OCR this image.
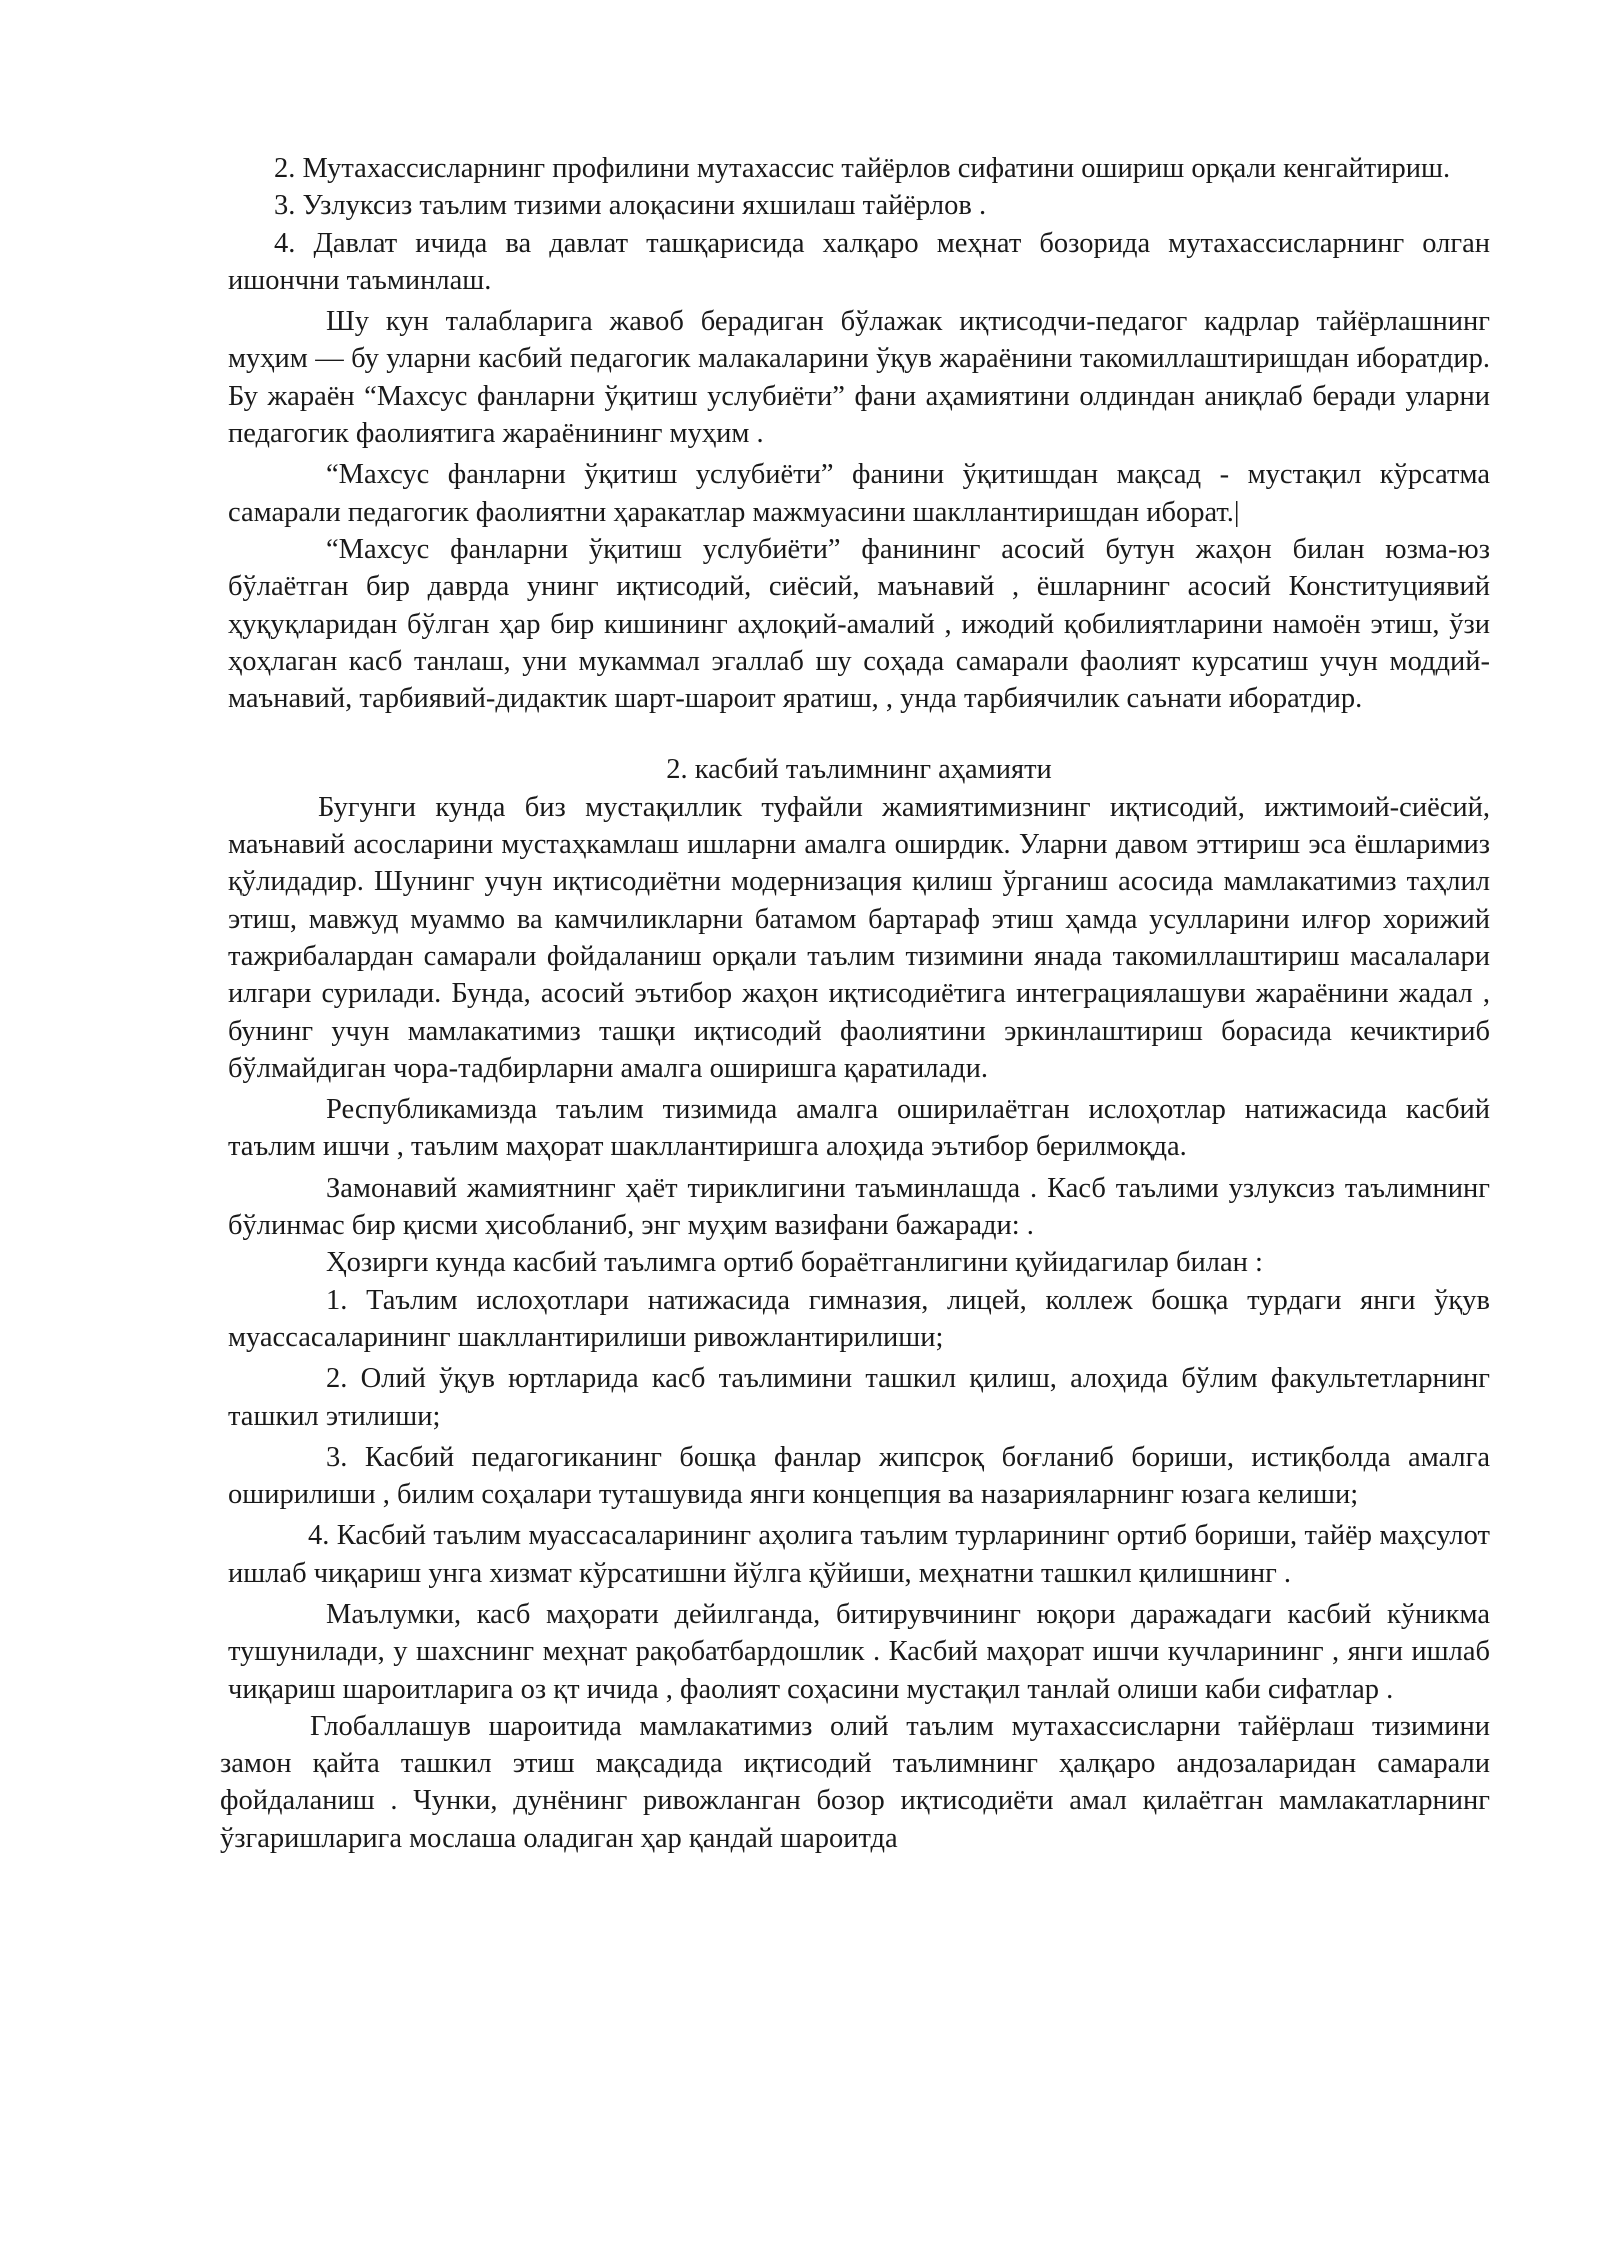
2. Мутахассисларнинг профилини мутахассис тайёрлов сифатини ошириш орқали кенгайтириш.

3. Узлуксиз таълим тизими алоқасини яхшилаш тайёрлов .

4. Давлат ичида ва давлат ташқарисида халқаро меҳнат бозорида мутахассисларнинг олган ишончни таъминлаш.

Шу кун талабларига жавоб берадиган бўлажак иқтисодчи-педагог кадрлар тайёрлашнинг муҳим — бу уларни касбий педагогик малакаларини ўқув жараёнини такомиллаштиришдан иборатдир. Бу жараён “Махсус фанларни ўқитиш услубиёти” фани аҳамиятини олдиндан аниқлаб беради уларни педагогик фаолиятига жараёнининг муҳим .

“Махсус фанларни ўқитиш услубиёти” фанини ўқитишдан мақсад - мустақил кўрсатма самарали педагогик фаолиятни ҳаракатлар мажмуасини шакллантиришдан иборат.|

“Махсус фанларни ўқитиш услубиёти” фанининг асосий бутун жаҳон билан юзма-юз бўлаётган бир даврда унинг иқтисодий, сиёсий, маънавий , ёшларнинг асосий Конституциявий ҳуқуқларидан бўлган ҳар бир кишининг аҳлоқий-амалий , ижодий қобилиятларини намоён этиш, ўзи ҳоҳлаган касб танлаш, уни мукаммал эгаллаб шу соҳада самарали фаолият курсатиш учун моддий- маънавий, тарбиявий-дидактик шарт-шароит яратиш, , унда тарбиячилик саънати иборатдир.

2. касбий таълимнинг аҳамияти

Бугунги кунда биз мустақиллик туфайли жамиятимизнинг иқтисодий, ижтимоий-сиёсий, маънавий асосларини мустаҳкамлаш ишларни амалга оширдик. Уларни давом эттириш эса ёшларимиз қўлидадир. Шунинг учун иқтисодиётни модернизация қилиш ўрганиш асосида мамлакатимиз таҳлил этиш, мавжуд муаммо ва камчиликларни батамом бартараф этиш ҳамда усулларини илғор хорижий тажрибалардан самарали фойдаланиш орқали таълим тизимини янада такомиллаштириш масалалари илгари сурилади. Бунда, асосий эътибор жаҳон иқтисодиётига интеграциялашуви жараёнини жадал , бунинг учун мамлакатимиз ташқи иқтисодий фаолиятини эркинлаштириш борасида кечиктириб бўлмайдиган чора-тадбирларни амалга оширишга қаратилади.

Республикамизда таълим тизимида амалга оширилаётган ислоҳотлар натижасида касбий таълим ишчи , таълим маҳорат шакллантиришга алоҳида эътибор берилмоқда.

Замонавий жамиятнинг ҳаёт тириклигини таъминлашда . Касб таълими узлуксиз таълимнинг бўлинмас бир қисми ҳисобланиб, энг муҳим вазифани бажаради: .

Ҳозирги кунда касбий таълимга ортиб бораётганлигини қуйидагилар билан :

1. Таълим ислоҳотлари натижасида гимназия, лицей, коллеж бошқа турдаги янги ўқув муассасаларининг шакллантирилиши ривожлантирилиши;

2. Олий ўқув юртларида касб таълимини ташкил қилиш, алоҳида бўлим факультетларнинг ташкил этилиши;

3. Касбий педагогиканинг бошқа фанлар жипсроқ боғланиб бориши, истиқболда амалга оширилиши , билим соҳалари туташувида янги концепция ва назарияларнинг юзага келиши;

4. Касбий таълим муассасаларининг аҳолига таълим турларининг ортиб бориши, тайёр маҳсулот ишлаб чиқариш унга хизмат кўрсатишни йўлга қўйиши, меҳнатни ташкил қилишнинг .

Маълумки, касб маҳорати дейилганда, битирувчининг юқори даражадаги касбий кўникма тушунилади, у шахснинг меҳнат рақобатбардошлик . Касбий маҳорат ишчи кучларининг , янги ишлаб чиқариш шароитларига оз қт ичида , фаолият соҳасини мустақил танлай олиши каби сифатлар .

Глобаллашув шароитида мамлакатимиз олий таълим мутахассисларни тайёрлаш тизимини замон қайта ташкил этиш мақсадида иқтисодий таълимнинг ҳалқаро андозаларидан самарали фойдаланиш . Чунки, дунёнинг ривожланган бозор иқтисодиёти амал қилаётган мамлакатларнинг ўзгаришларига мослаша оладиган ҳар қандай шароитда
